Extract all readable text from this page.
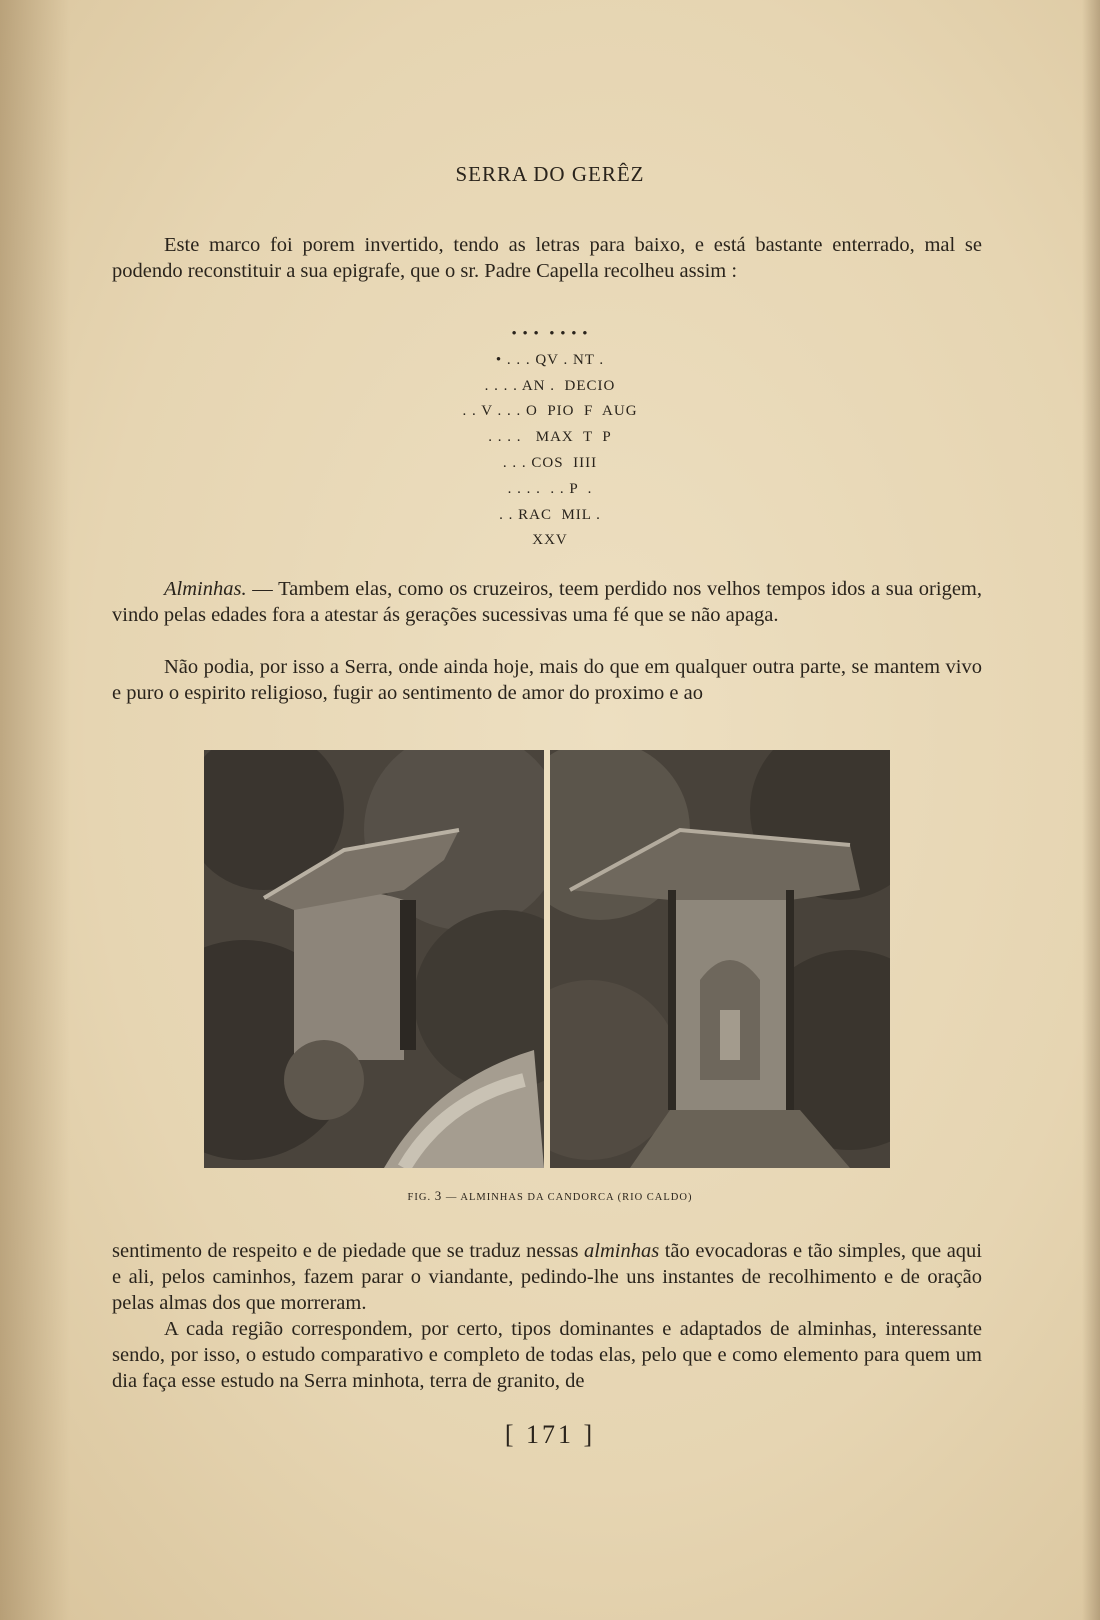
SERRA DO GERÊZ

Este marco foi porem invertido, tendo as letras para baixo, e está bastante enterrado, mal se podendo reconstituir a sua epigrafe, que o sr. Padre Capella recolheu assim :

• • •  • • • •
• . . . QV . NT .
. . . . AN .  DECIO
. . V . . . O  PIO  F  AUG
. . . .   MAX  T  P
. . . COS  IIII
. . . .  . . P  .
. . RAC  MIL .
XXV

Alminhas. — Tambem elas, como os cruzeiros, teem perdido nos velhos tempos idos a sua origem, vindo pelas edades fora a atestar ás gerações sucessivas uma fé que se não apaga.

Não podia, por isso a Serra, onde ainda hoje, mais do que em qualquer outra parte, se mantem vivo e puro o espirito religioso, fugir ao sentimento de amor do proximo e ao

FIG. 3 — ALMINHAS DA CANDORCA (RIO CALDO)

sentimento de respeito e de piedade que se traduz nessas alminhas tão evocadoras e tão simples, que aqui e ali, pelos caminhos, fazem parar o viandante, pedindo-lhe uns instantes de recolhimento e de oração pelas almas dos que morreram.

A cada região correspondem, por certo, tipos dominantes e adaptados de alminhas, interessante sendo, por isso, o estudo comparativo e completo de todas elas, pelo que e como elemento para quem um dia faça esse estudo na Serra minhota, terra de granito, de

[ 171 ]
